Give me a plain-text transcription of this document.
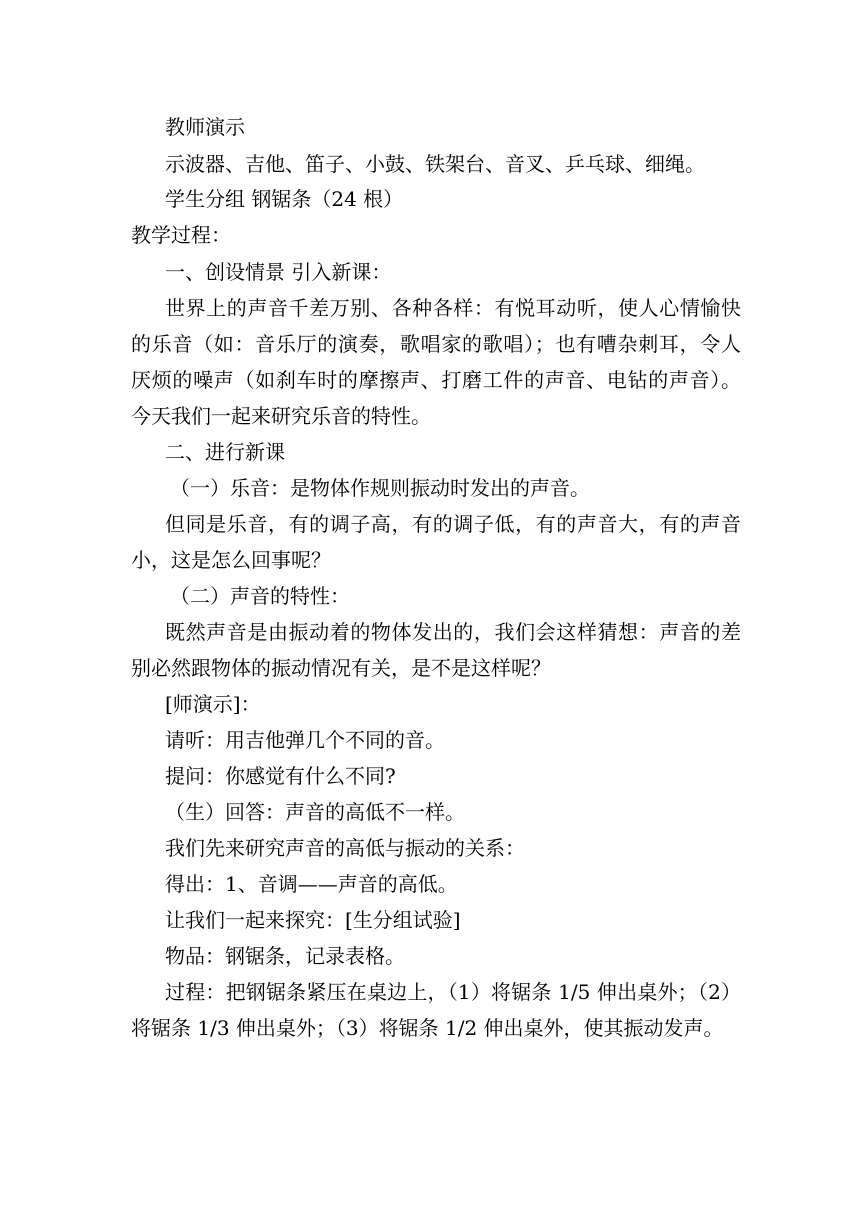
教师演示
示波器、吉他、笛子、小鼓、铁架台、音叉、乒乓球、细绳。
学生分组 钢锯条（24 根）
教学过程：
一、创设情景 引入新课：
世界上的声音千差万别、各种各样：有悦耳动听，使人心情愉快
的乐音（如：音乐厅的演奏，歌唱家的歌唱）；也有嘈杂刺耳，令人
厌烦的噪声（如刹车时的摩擦声、打磨工件的声音、电钻的声音）。
今天我们一起来研究乐音的特性。
二、进行新课
（一）乐音：是物体作规则振动时发出的声音。
但同是乐音，有的调子高，有的调子低，有的声音大，有的声音
小，这是怎么回事呢？
（二）声音的特性：
既然声音是由振动着的物体发出的，我们会这样猜想：声音的差
别必然跟物体的振动情况有关，是不是这样呢？
[师演示]：
请听：用吉他弹几个不同的音。
提问：你感觉有什么不同?
（生）回答：声音的高低不一样。
我们先来研究声音的高低与振动的关系：
得出：1、音调——声音的高低。
让我们一起来探究：[生分组试验]
物品：钢锯条，记录表格。
过程：把钢锯条紧压在桌边上，（1）将锯条 1/5 伸出桌外；（2）
将锯条 1/3 伸出桌外；（3）将锯条 1/2 伸出桌外，使其振动发声。
